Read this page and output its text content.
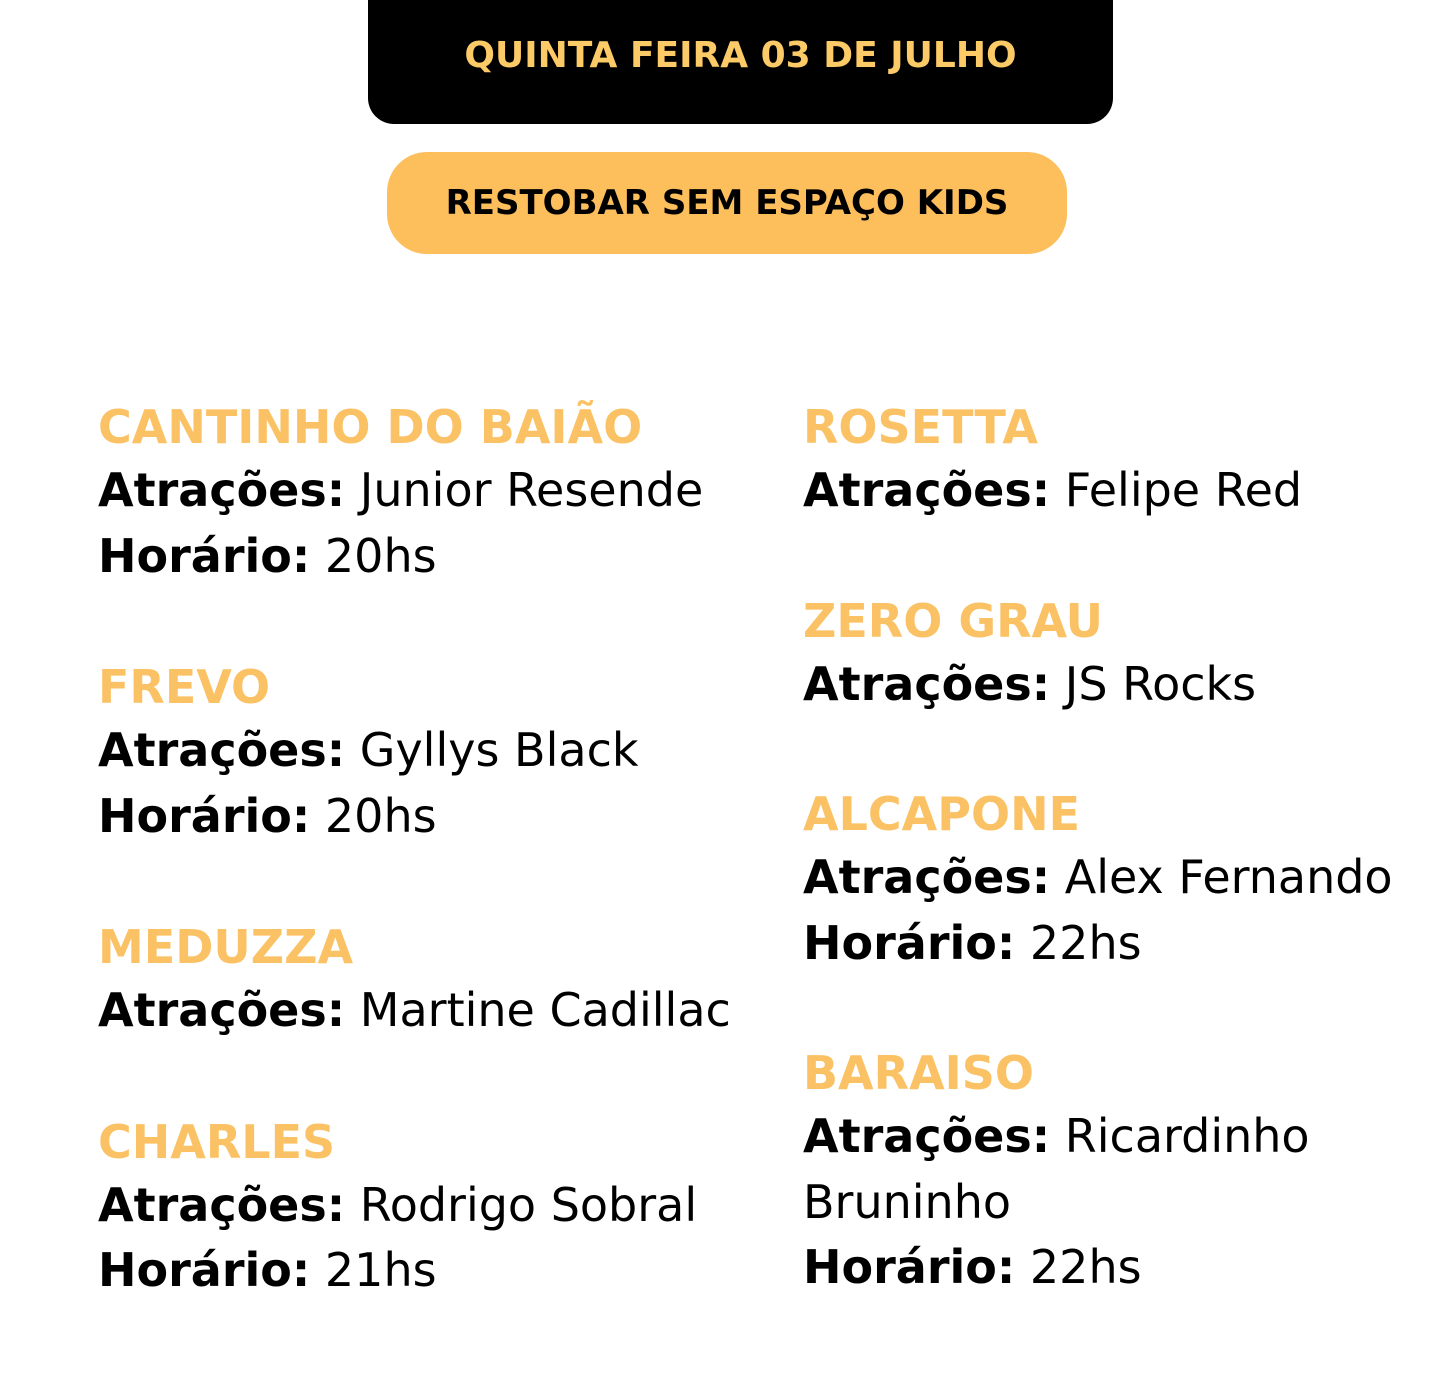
QUINTA FEIRA 03 DE JULHO
RESTOBAR SEM ESPAÇO KIDS
CANTINHO DO BAIÃO
Atrações: Junior Resende
Horário: 20hs
FREVO
Atrações: Gyllys Black
Horário: 20hs
MEDUZZA
Atrações: Martine Cadillac
CHARLES
Atrações: Rodrigo Sobral
Horário: 21hs
ROSETTA
Atrações: Felipe Red
ZERO GRAU
Atrações: JS Rocks
ALCAPONE
Atrações: Alex Fernando
Horário: 22hs
BARAISO
Atrações: Ricardinho
Bruninho
Horário: 22hs
